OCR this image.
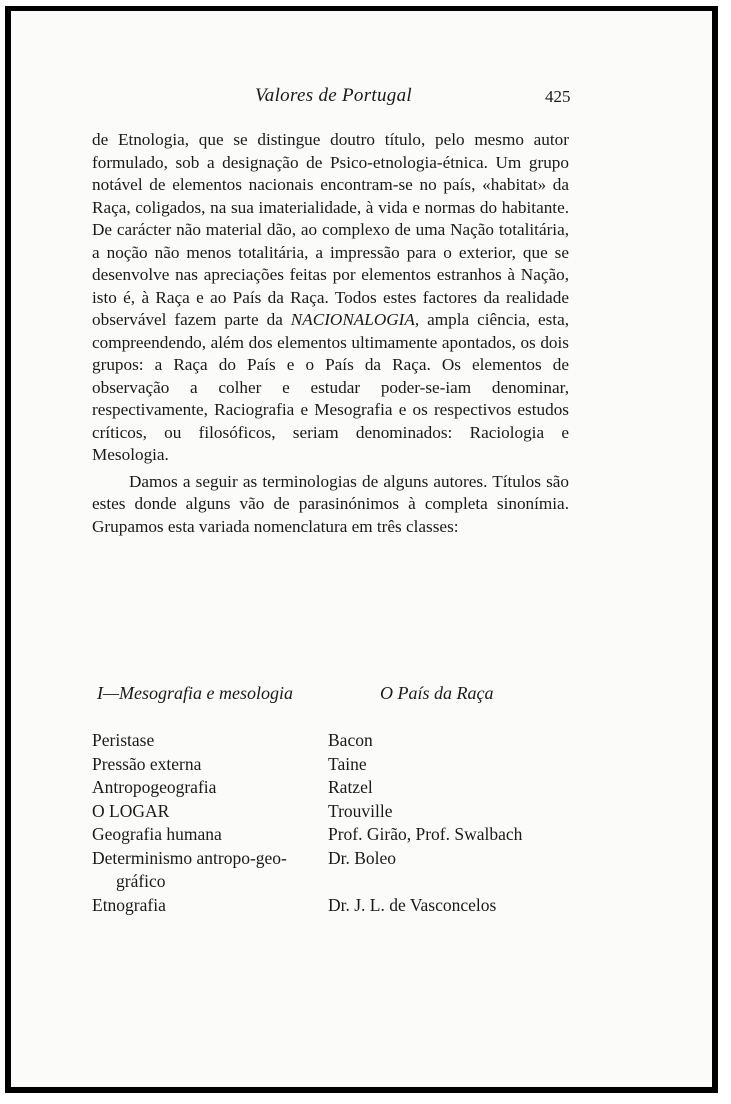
Valores de Portugal	425

de Etnologia, que se distingue doutro título, pelo mesmo autor formulado, sob a designação de Psico-etnologia-étnica. Um grupo notável de elementos nacionais encontram-se no país, «habitat» da Raça, coligados, na sua imaterialidade, à vida e normas do habitante. De carácter não material dão, ao complexo de uma Nação totalitária, a noção não menos totalitária, a impressão para o exterior, que se desenvolve nas apreciações feitas por elementos estranhos à Nação, isto é, à Raça e ao País da Raça. Todos estes factores da realidade observável fazem parte da NACIONALOGIA, ampla ciência, esta, compreendendo, além dos elementos ultimamente apontados, os dois grupos: a Raça do País e o País da Raça. Os elementos de observação a colher e estudar poder-se-iam denominar, respectivamente, Raciografia e Mesografia e os respectivos estudos críticos, ou filosóficos, seriam denominados: Raciologia e Mesologia.

Damos a seguir as terminologias de alguns autores. Títulos são estes donde alguns vão de parasinónimos à completa sinonímia. Grupamos esta variada nomenclatura em três classes:

I—Mesografia e mesologia	O País da Raça
Peristase
Pressão externa
Antropogeografia
O LOGAR
Geografia humana
Determinismo antropo-geo-
gráfico
Etnografia
Bacon
Taine
Ratzel
Trouville
Prof. Girão, Prof. Swalbach
Dr. Boleo
Dr. J. L. de Vasconcelos
